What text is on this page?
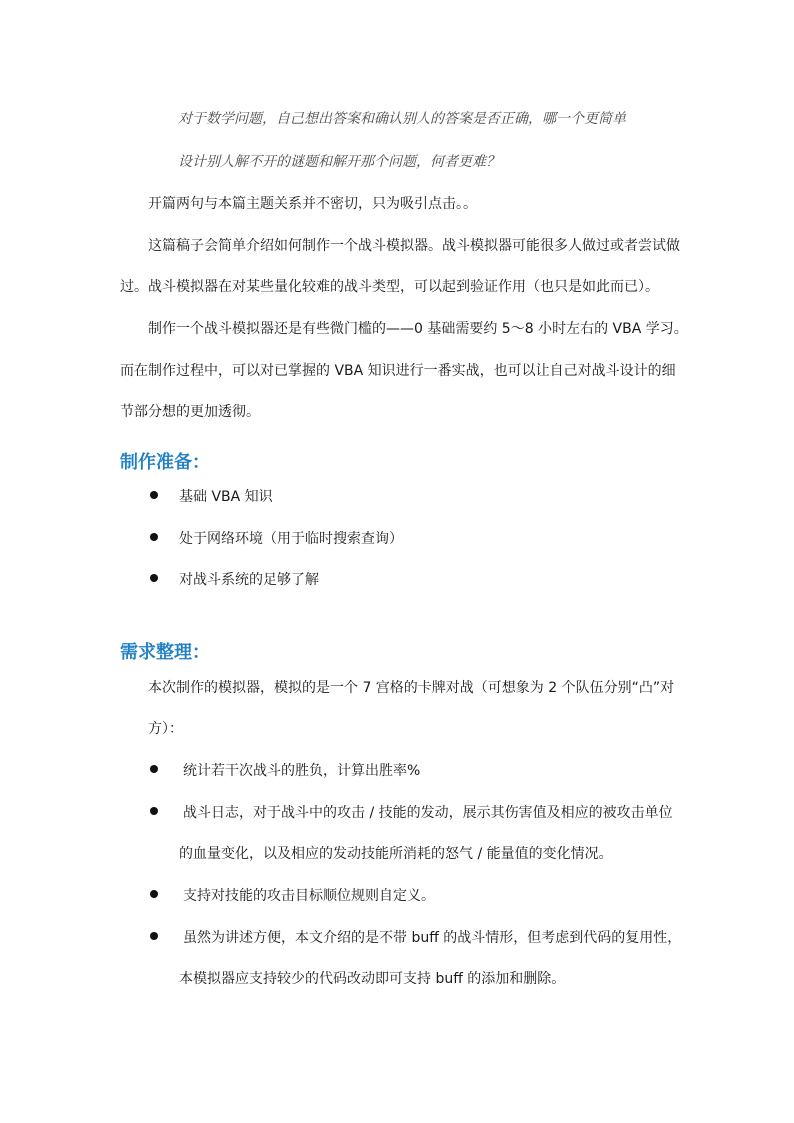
对于数学问题，自己想出答案和确认别人的答案是否正确，哪一个更简单
设计别人解不开的谜题和解开那个问题，何者更难？
开篇两句与本篇主题关系并不密切，只为吸引点击。。
这篇稿子会简单介绍如何制作一个战斗模拟器。战斗模拟器可能很多人做过或者尝试做
过。战斗模拟器在对某些量化较难的战斗类型，可以起到验证作用（也只是如此而已）。
制作一个战斗模拟器还是有些微门槛的——0 基础需要约 5～8 小时左右的 VBA 学习。
而在制作过程中，可以对已掌握的 VBA 知识进行一番实战，也可以让自己对战斗设计的细
节部分想的更加透彻。
制作准备：
基础 VBA 知识
处于网络环境（用于临时搜索查询）
对战斗系统的足够了解
需求整理：
本次制作的模拟器，模拟的是一个 7 宫格的卡牌对战（可想象为 2 个队伍分别“凸”对
方）：
统计若干次战斗的胜负，计算出胜率%
战斗日志，对于战斗中的攻击 / 技能的发动，展示其伤害值及相应的被攻击单位
的血量变化，以及相应的发动技能所消耗的怒气 / 能量值的变化情况。
支持对技能的攻击目标顺位规则自定义。
虽然为讲述方便，本文介绍的是不带 buff 的战斗情形，但考虑到代码的复用性，
本模拟器应支持较少的代码改动即可支持 buff 的添加和删除。
